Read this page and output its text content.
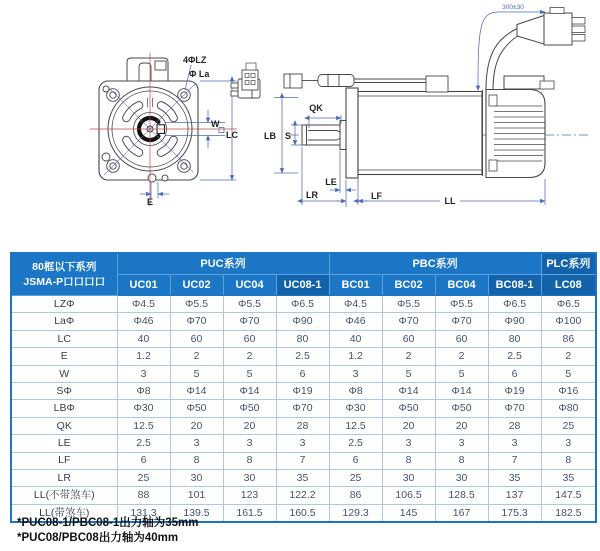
4ΦLZ
Φ La
W
LC
E
QK
S
LB
LE
LR	LF	LL
300±30
80框以下系列
JSMA-P口口口口	PUC系列				PBC系列				PLC系列
	UC01	UC02	UC04	UC08-1	BC01	BC02	BC04	BC08-1	LC08
LZΦ	Φ4.5	Φ5.5	Φ5.5	Φ6.5	Φ4.5	Φ5.5	Φ5.5	Φ6.5	Φ6.5
LaΦ	Φ46	Φ70	Φ70	Φ90	Φ46	Φ70	Φ70	Φ90	Φ100
LC	40	60	60	80	40	60	60	80	86
E	1.2	2	2	2.5	1.2	2	2	2.5	2
W	3	5	5	6	3	5	5	6	5
SΦ	Φ8	Φ14	Φ14	Φ19	Φ8	Φ14	Φ14	Φ19	Φ16
LBΦ	Φ30	Φ50	Φ50	Φ70	Φ30	Φ50	Φ50	Φ70	Φ80
QK	12.5	20	20	28	12.5	20	20	28	25
LE	2.5	3	3	3	2.5	3	3	3	3
LF	6	8	8	7	6	8	8	7	8
LR	25	30	30	35	25	30	30	35	35
LL(不带煞车)	88	101	123	122.2	86	106.5	128.5	137	147.5
LL(带煞车)	131.3	139.5	161.5	160.5	129.3	145	167	175.3	182.5
*PUC08-1/PBC08-1出力轴为35mm
*PUC08/PBC08出力轴为40mm
